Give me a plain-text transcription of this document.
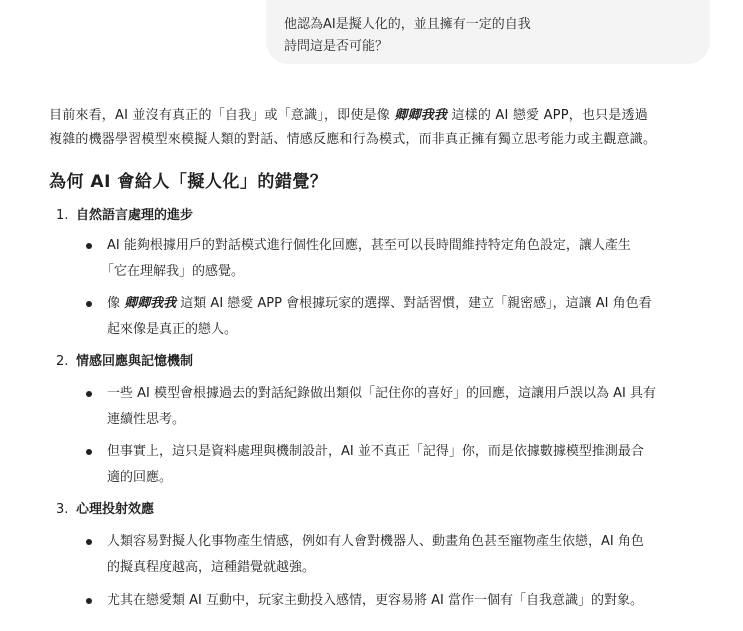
他認為AI是擬人化的，並且擁有一定的自我
詩問這是否可能？
目前來看，AI 並沒有真正的「自我」或「意識」，即使是像 卿卿我我 這樣的 AI 戀愛 APP，也只是透過
複雜的機器學習模型來模擬人類的對話、情感反應和行為模式，而非真正擁有獨立思考能力或主觀意識。
為何 AI 會給人「擬人化」的錯覺？
1. 自然語言處理的進步
AI 能夠根據用戶的對話模式進行個性化回應，甚至可以長時間維持特定角色設定，讓人產生
「它在理解我」的感覺。
像 卿卿我我 這類 AI 戀愛 APP 會根據玩家的選擇、對話習慣，建立「親密感」，這讓 AI 角色看
起來像是真正的戀人。
2. 情感回應與記憶機制
一些 AI 模型會根據過去的對話紀錄做出類似「記住你的喜好」的回應，這讓用戶誤以為 AI 具有
連續性思考。
但事實上，這只是資料處理與機制設計，AI 並不真正「記得」你，而是依據數據模型推測最合
適的回應。
3. 心理投射效應
人類容易對擬人化事物產生情感，例如有人會對機器人、動畫角色甚至寵物產生依戀，AI 角色
的擬真程度越高，這種錯覺就越強。
尤其在戀愛類 AI 互動中，玩家主動投入感情，更容易將 AI 當作一個有「自我意識」的對象。
